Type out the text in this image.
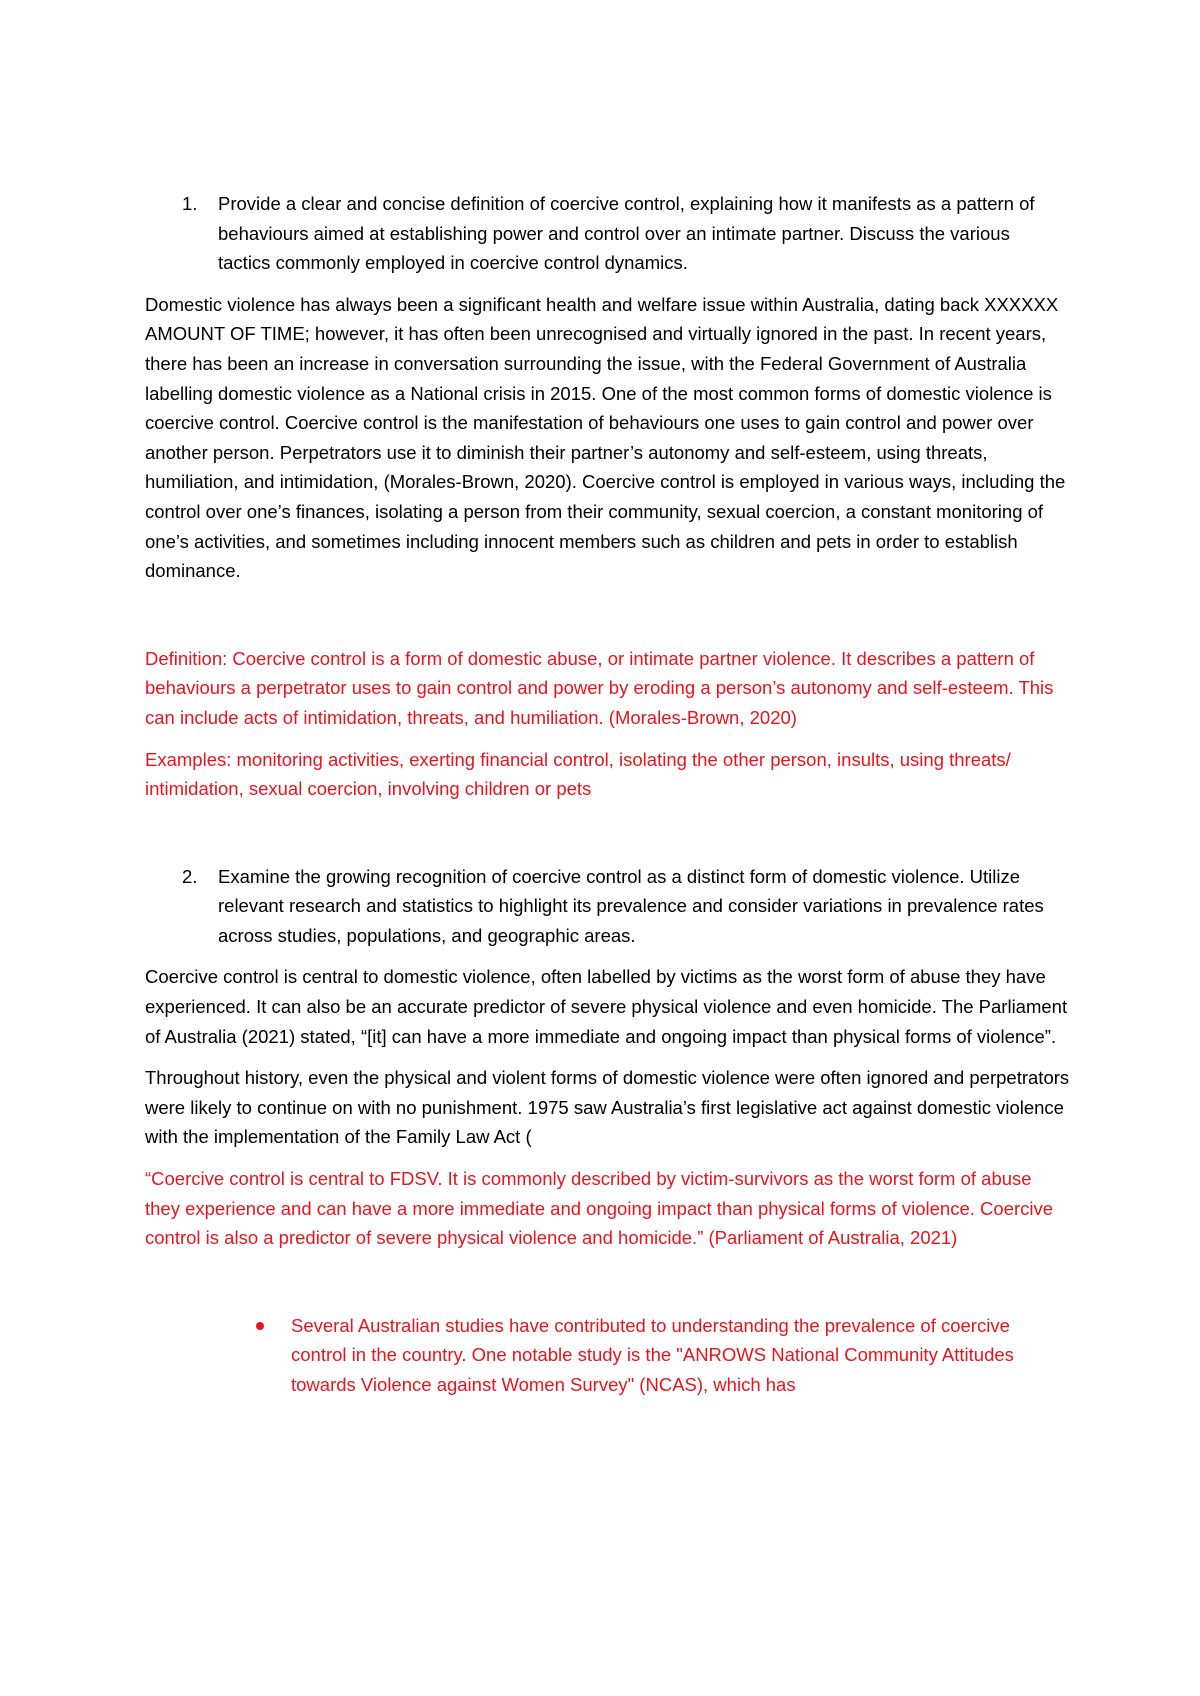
1. Provide a clear and concise definition of coercive control, explaining how it manifests as a pattern of behaviours aimed at establishing power and control over an intimate partner. Discuss the various tactics commonly employed in coercive control dynamics.

Domestic violence has always been a significant health and welfare issue within Australia, dating back XXXXXX AMOUNT OF TIME; however, it has often been unrecognised and virtually ignored in the past. In recent years, there has been an increase in conversation surrounding the issue, with the Federal Government of Australia labelling domestic violence as a National crisis in 2015. One of the most common forms of domestic violence is coercive control. Coercive control is the manifestation of behaviours one uses to gain control and power over another person. Perpetrators use it to diminish their partner’s autonomy and self-esteem, using threats, humiliation, and intimidation, (Morales-Brown, 2020). Coercive control is employed in various ways, including the control over one’s finances, isolating a person from their community, sexual coercion, a constant monitoring of one’s activities, and sometimes including innocent members such as children and pets in order to establish dominance.

Definition: Coercive control is a form of domestic abuse, or intimate partner violence. It describes a pattern of behaviours a perpetrator uses to gain control and power by eroding a person’s autonomy and self-esteem. This can include acts of intimidation, threats, and humiliation. (Morales-Brown, 2020)

Examples: monitoring activities, exerting financial control, isolating the other person, insults, using threats/ intimidation, sexual coercion, involving children or pets

2. Examine the growing recognition of coercive control as a distinct form of domestic violence. Utilize relevant research and statistics to highlight its prevalence and consider variations in prevalence rates across studies, populations, and geographic areas.

Coercive control is central to domestic violence, often labelled by victims as the worst form of abuse they have experienced. It can also be an accurate predictor of severe physical violence and even homicide. The Parliament of Australia (2021) stated, “[it] can have a more immediate and ongoing impact than physical forms of violence”.

Throughout history, even the physical and violent forms of domestic violence were often ignored and perpetrators were likely to continue on with no punishment. 1975 saw Australia’s first legislative act against domestic violence with the implementation of the Family Law Act (

“Coercive control is central to FDSV. It is commonly described by victim-survivors as the worst form of abuse they experience and can have a more immediate and ongoing impact than physical forms of violence. Coercive control is also a predictor of severe physical violence and homicide.” (Parliament of Australia, 2021)

Several Australian studies have contributed to understanding the prevalence of coercive control in the country. One notable study is the "ANROWS National Community Attitudes towards Violence against Women Survey" (NCAS), which has
